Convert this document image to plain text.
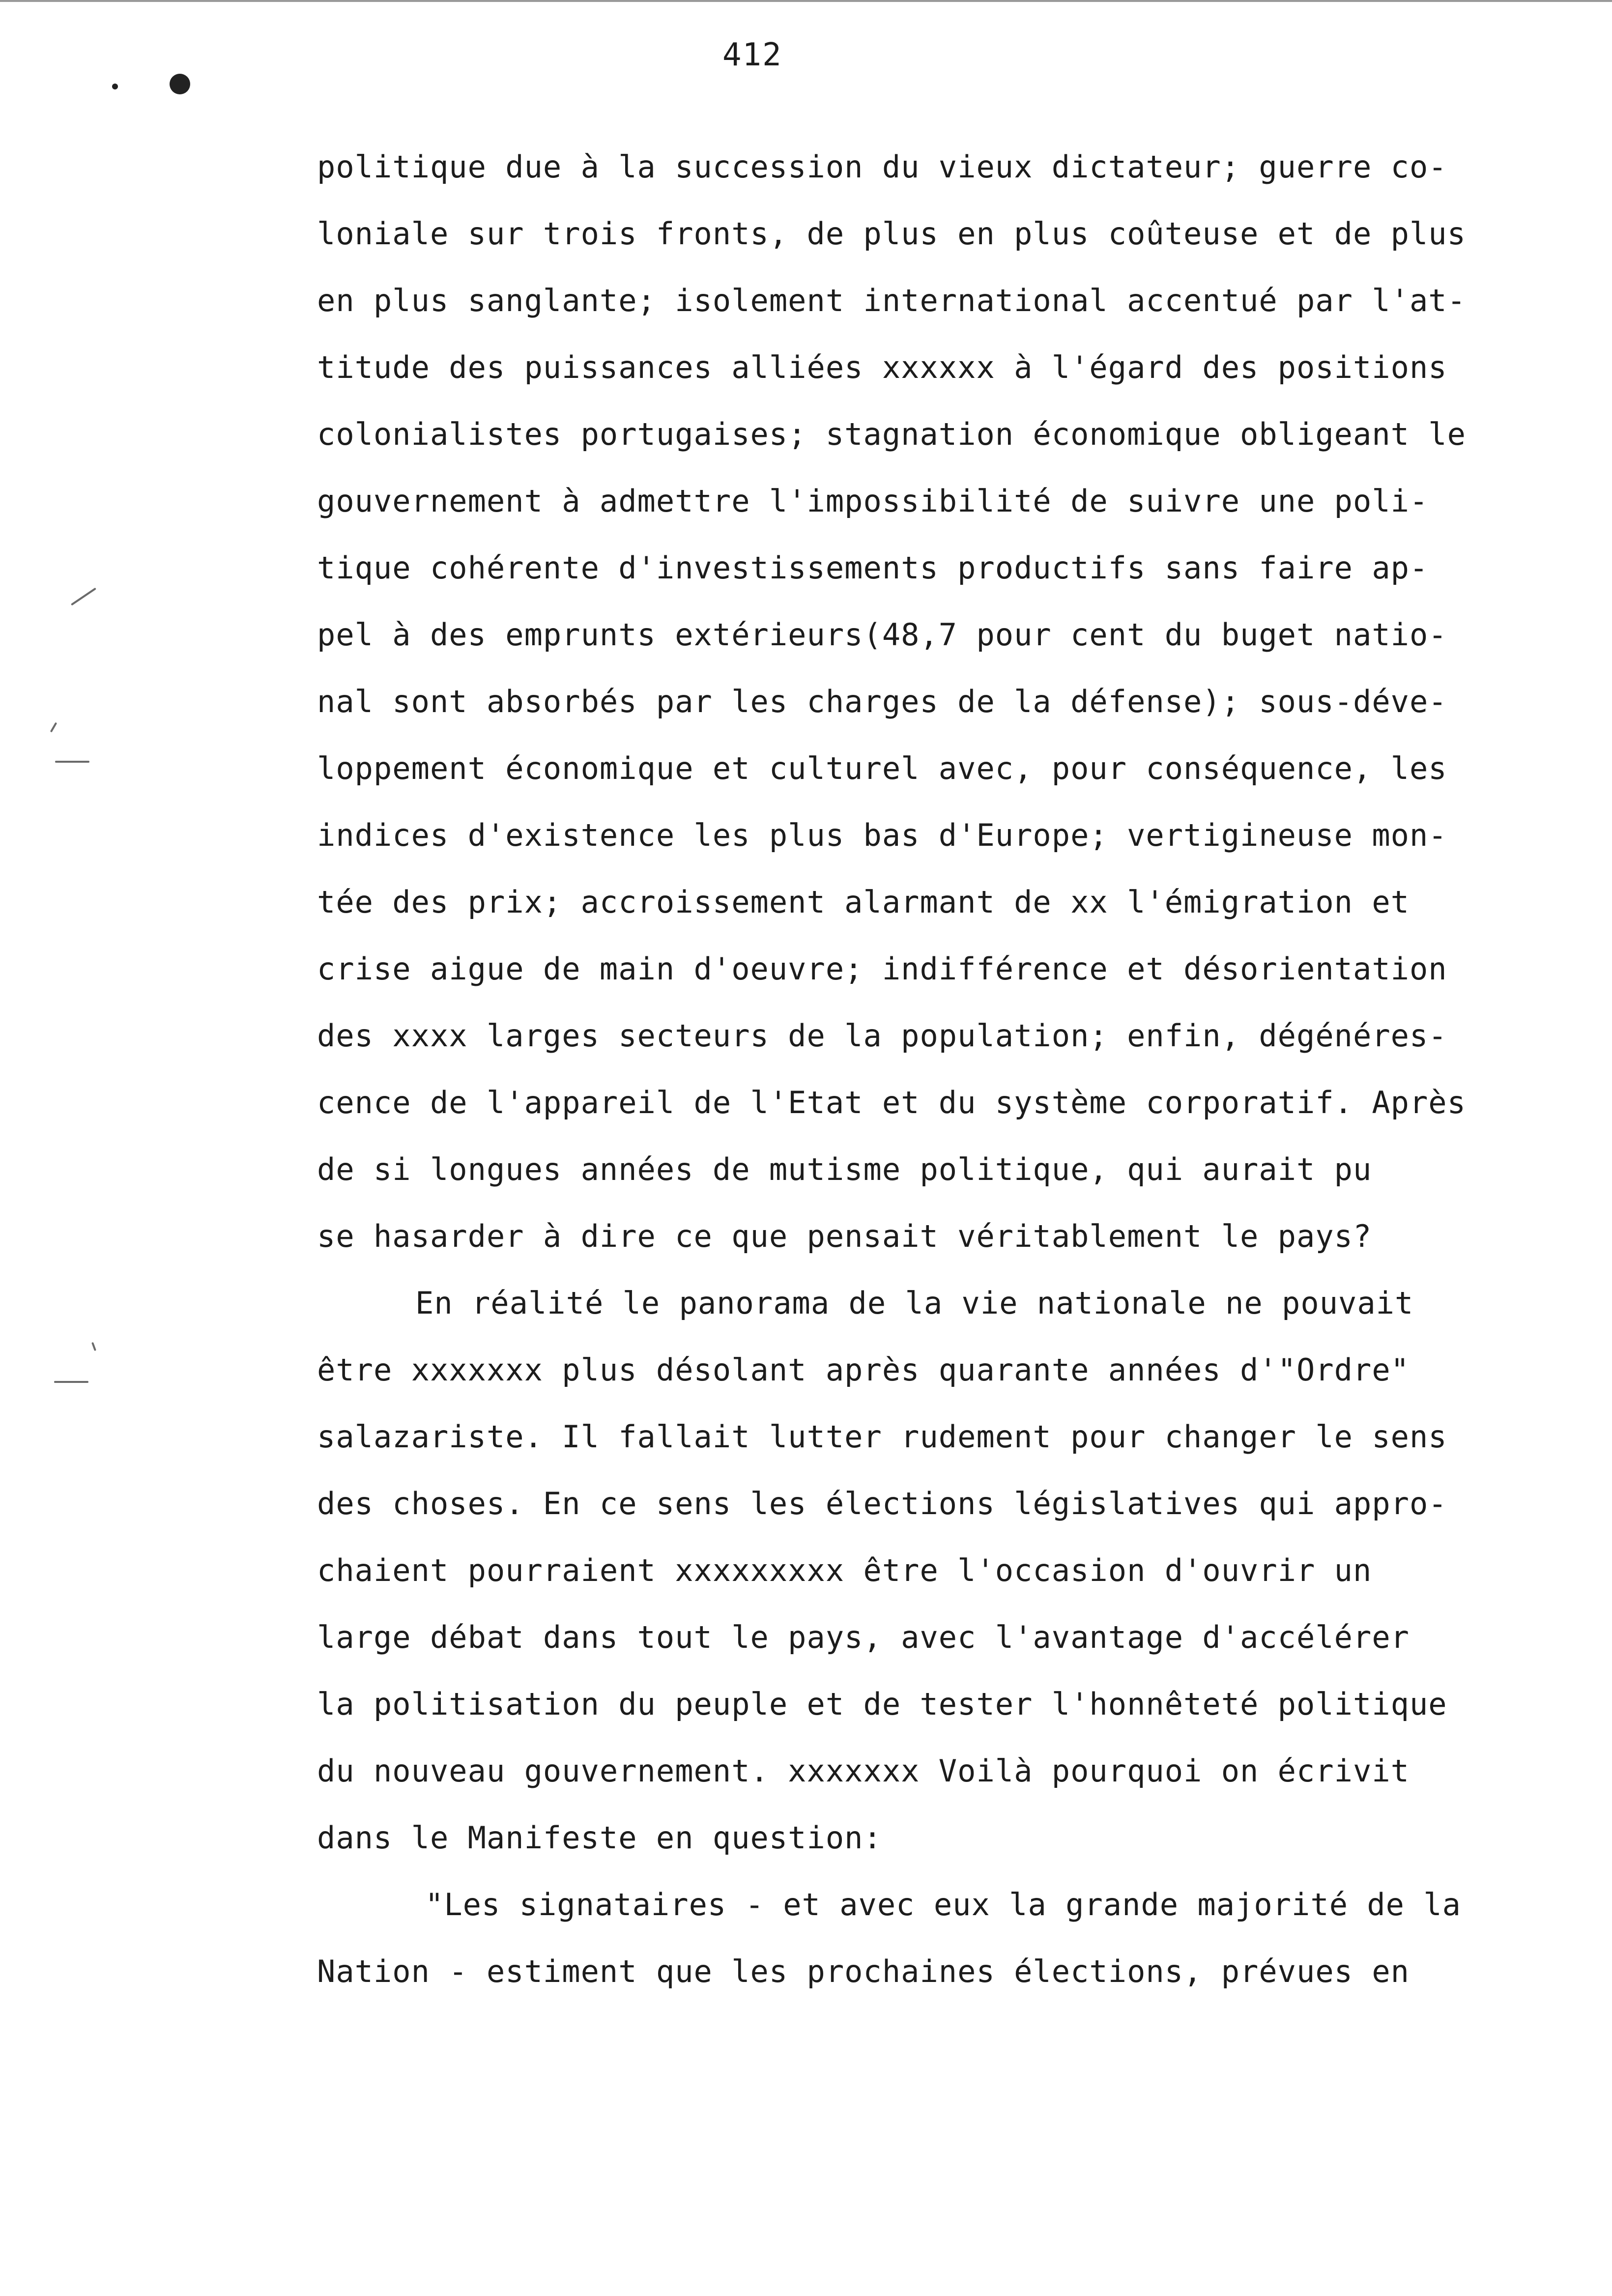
412
politique due à la succession du vieux dictateur; guerre co-
loniale sur trois fronts, de plus en plus coûteuse et de plus
en plus sanglante; isolement international accentué par l'at-
titude des puissances alliées xxxxxx à l'égard des positions
colonialistes portugaises; stagnation économique obligeant le
gouvernement à admettre l'impossibilité de suivre une poli-
tique cohérente d'investissements productifs sans faire ap-
pel à des emprunts extérieurs(48,7 pour cent du buget natio-
nal sont absorbés par les charges de la défense); sous-déve-
loppement économique et culturel avec, pour conséquence, les
indices d'existence les plus bas d'Europe; vertigineuse mon-
tée des prix; accroissement alarmant de xx l'émigration et
crise aigue de main d'oeuvre; indifférence et désorientation
des xxxx larges secteurs de la population; enfin, dégénéres-
cence de l'appareil de l'Etat et du système corporatif. Après
de si longues années de mutisme politique, qui aurait pu
se hasarder à dire ce que pensait véritablement le pays?
En réalité le panorama de la vie nationale ne pouvait
être xxxxxxx plus désolant après quarante années d'"Ordre"
salazariste. Il fallait lutter rudement pour changer le sens
des choses. En ce sens les élections législatives qui appro-
chaient pourraient xxxxxxxxx être l'occasion d'ouvrir un
large débat dans tout le pays, avec l'avantage d'accélérer
la politisation du peuple et de tester l'honnêteté politique
du nouveau gouvernement. xxxxxxx Voilà pourquoi on écrivit
dans le Manifeste en question:
"Les signataires - et avec eux la grande majorité de la
Nation - estiment que les prochaines élections, prévues en
